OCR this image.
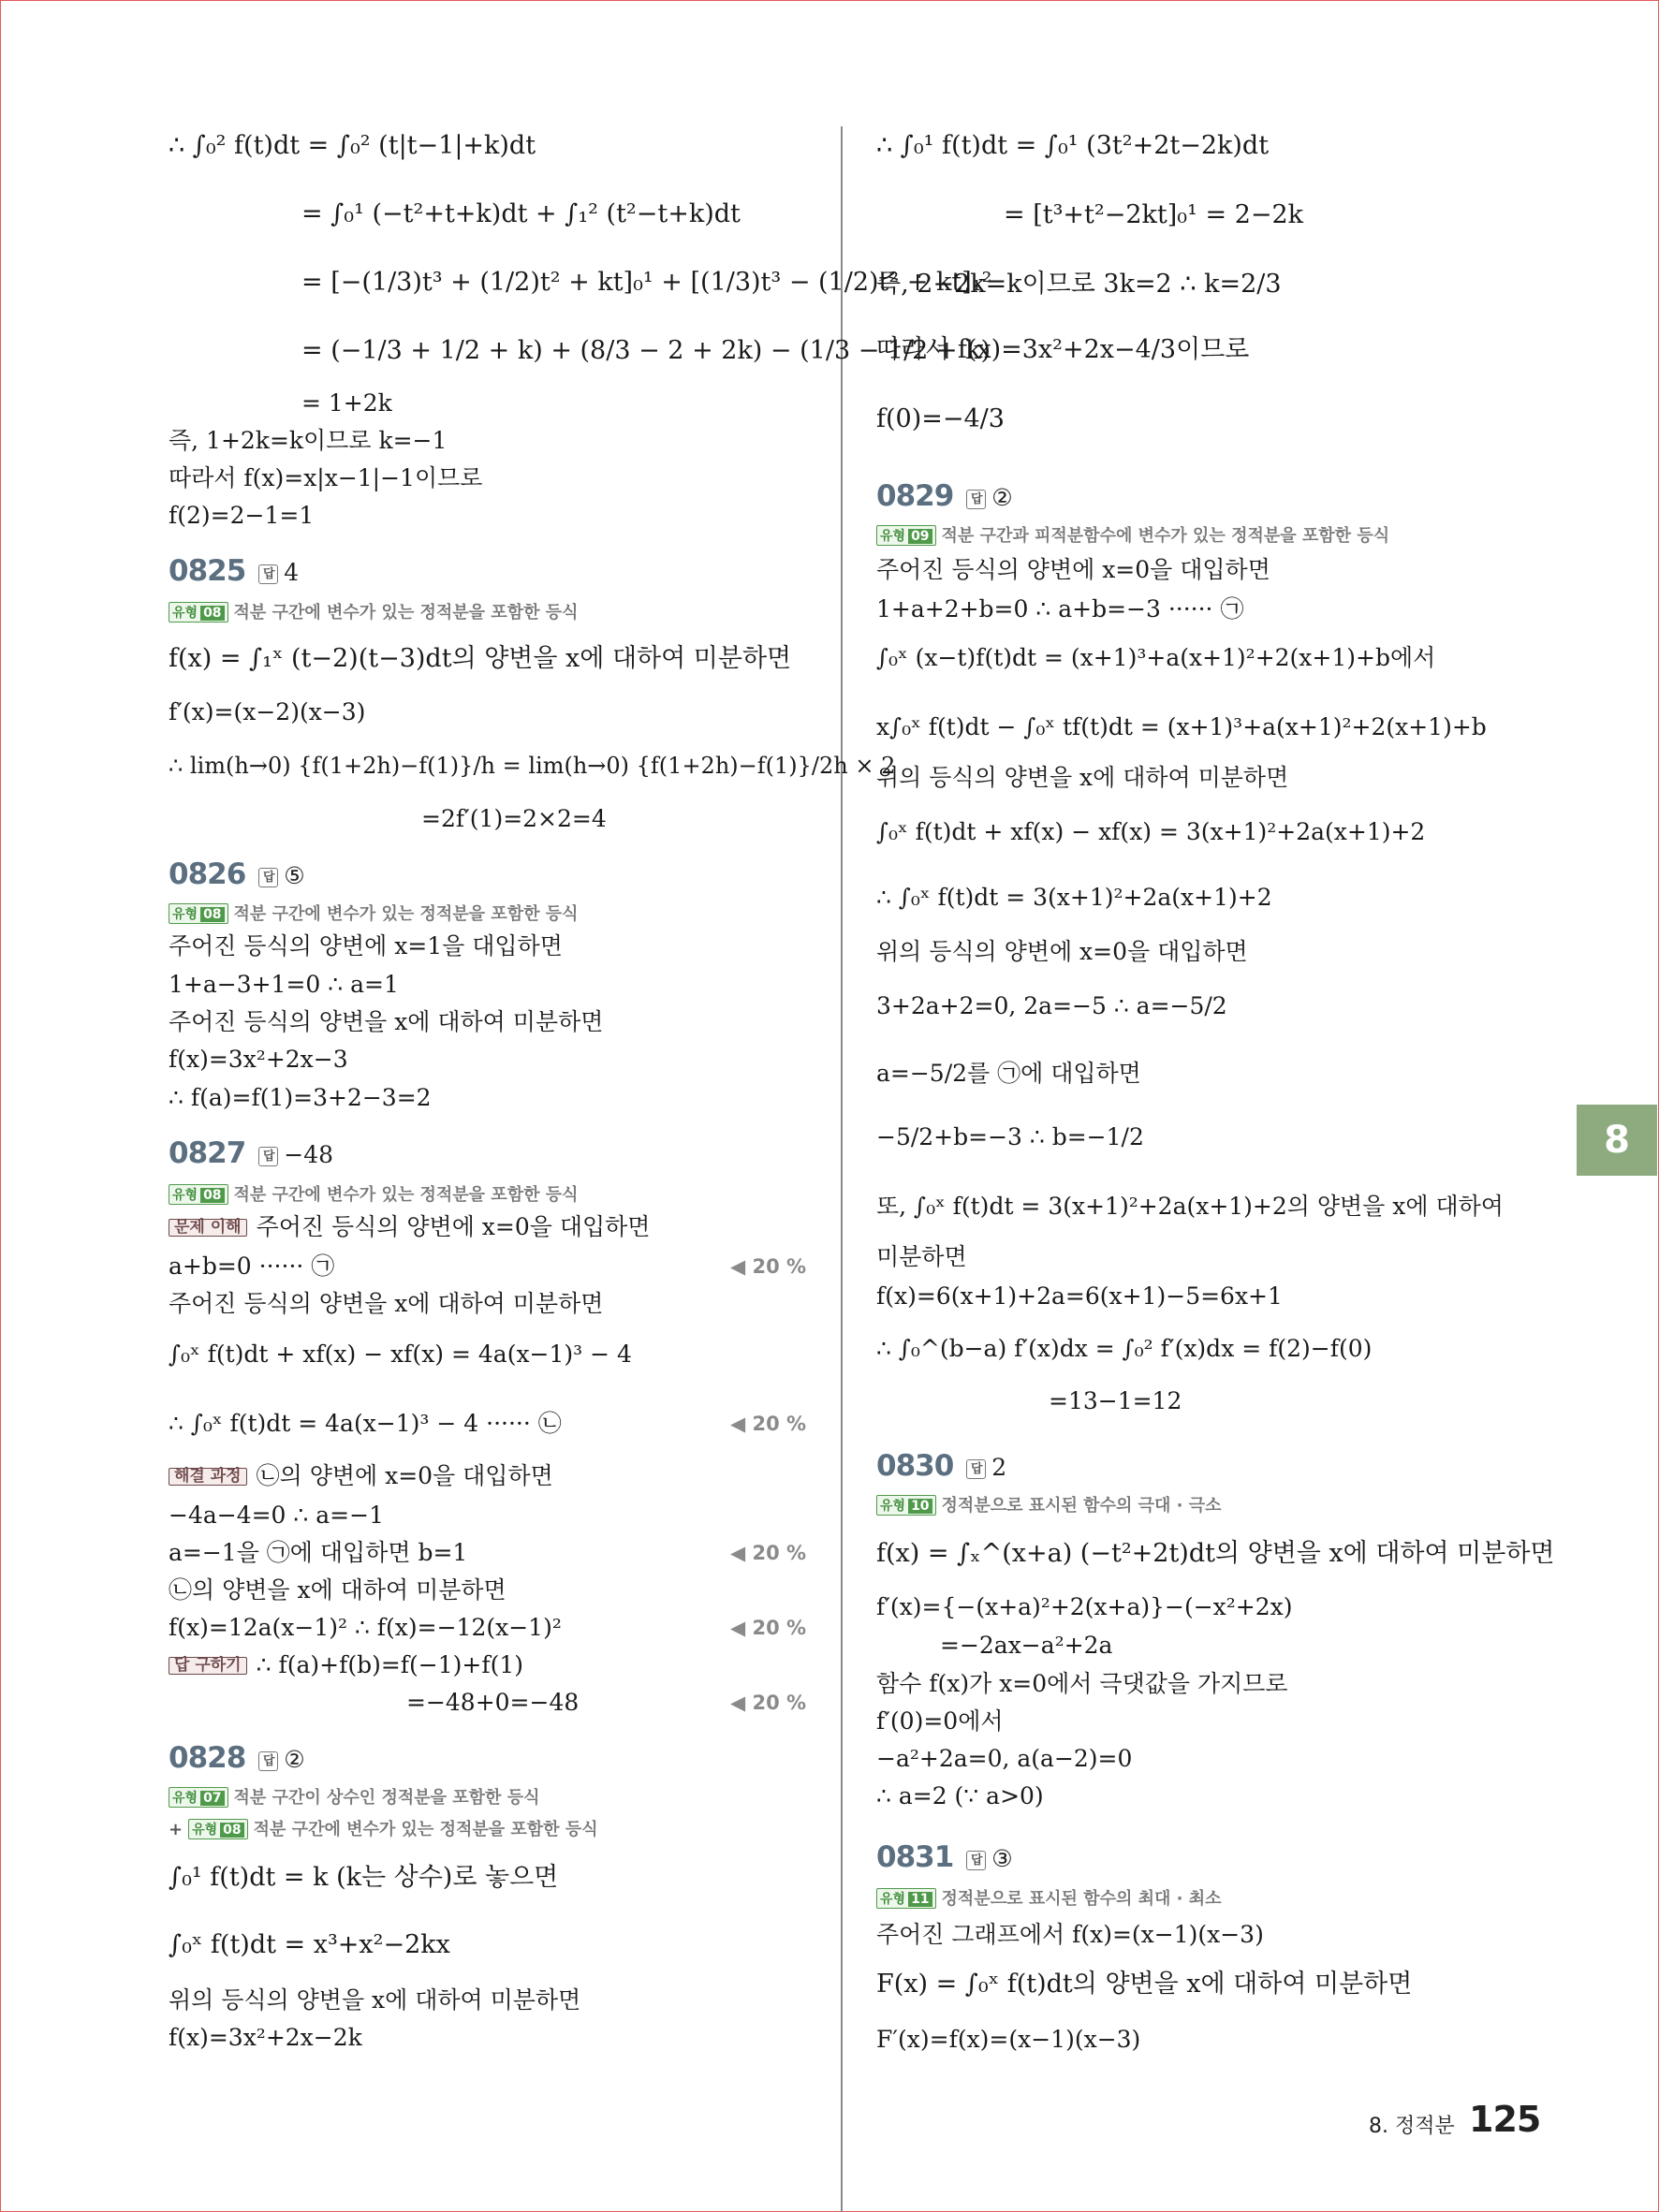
∴ ∫₀² f(t)dt = ∫₀² (t|t−1|+k)dt
= ∫₀¹ (−t²+t+k)dt + ∫₁² (t²−t+k)dt
= [−(1/3)t³ + (1/2)t² + kt]₀¹ + [(1/3)t³ − (1/2)t² + kt]₁²
= (−1/3 + 1/2 + k) + (8/3 − 2 + 2k) − (1/3 − 1/2 + k)
= 1+2k
즉, 1+2k=k이므로 k=−1
따라서 f(x)=x|x−1|−1이므로
f(2)=2−1=1
0825 답 4
유형 08 적분 구간에 변수가 있는 정적분을 포함한 등식
f(x) = ∫₁ˣ (t−2)(t−3)dt의 양변을 x에 대하여 미분하면
f′(x)=(x−2)(x−3)
∴ lim(h→0) {f(1+2h)−f(1)}/h = lim(h→0) {f(1+2h)−f(1)}/2h × 2
=2f′(1)=2×2=4
0826 답 ⑤
유형 08 적분 구간에 변수가 있는 정적분을 포함한 등식
주어진 등식의 양변에 x=1을 대입하면
1+a−3+1=0 ∴ a=1
주어진 등식의 양변을 x에 대하여 미분하면
f(x)=3x²+2x−3
∴ f(a)=f(1)=3+2−3=2
0827 답 −48
유형 08 적분 구간에 변수가 있는 정적분을 포함한 등식
문제 이해 주어진 등식의 양변에 x=0을 대입하면
a+b=0 ······ ㉠	◀ 20 %
주어진 등식의 양변을 x에 대하여 미분하면
∫₀ˣ f(t)dt + xf(x) − xf(x) = 4a(x−1)³ − 4
∴ ∫₀ˣ f(t)dt = 4a(x−1)³ − 4 ······ ㉡	◀ 20 %
해결 과정 ㉡의 양변에 x=0을 대입하면
−4a−4=0 ∴ a=−1
a=−1을 ㉠에 대입하면 b=1	◀ 20 %
㉡의 양변을 x에 대하여 미분하면
f(x)=12a(x−1)² ∴ f(x)=−12(x−1)²	◀ 20 %
답 구하기 ∴ f(a)+f(b)=f(−1)+f(1)
=−48+0=−48	◀ 20 %
0828 답 ②
유형 07 적분 구간이 상수인 정적분을 포함한 등식
+ 유형 08 적분 구간에 변수가 있는 정적분을 포함한 등식
∫₀¹ f(t)dt = k (k는 상수)로 놓으면
∫₀ˣ f(t)dt = x³+x²−2kx
위의 등식의 양변을 x에 대하여 미분하면
f(x)=3x²+2x−2k
∴ ∫₀¹ f(t)dt = ∫₀¹ (3t²+2t−2k)dt
= [t³+t²−2kt]₀¹ = 2−2k
즉, 2−2k=k이므로 3k=2 ∴ k=2/3
따라서 f(x)=3x²+2x−4/3이므로
f(0)=−4/3
0829 답 ②
유형 09 적분 구간과 피적분함수에 변수가 있는 정적분을 포함한 등식
주어진 등식의 양변에 x=0을 대입하면
1+a+2+b=0 ∴ a+b=−3 ······ ㉠
∫₀ˣ (x−t)f(t)dt = (x+1)³+a(x+1)²+2(x+1)+b에서
x∫₀ˣ f(t)dt − ∫₀ˣ tf(t)dt = (x+1)³+a(x+1)²+2(x+1)+b
위의 등식의 양변을 x에 대하여 미분하면
∫₀ˣ f(t)dt + xf(x) − xf(x) = 3(x+1)²+2a(x+1)+2
∴ ∫₀ˣ f(t)dt = 3(x+1)²+2a(x+1)+2
위의 등식의 양변에 x=0을 대입하면
3+2a+2=0, 2a=−5 ∴ a=−5/2
a=−5/2를 ㉠에 대입하면
−5/2+b=−3 ∴ b=−1/2
또, ∫₀ˣ f(t)dt = 3(x+1)²+2a(x+1)+2의 양변을 x에 대하여
미분하면
f(x)=6(x+1)+2a=6(x+1)−5=6x+1
∴ ∫₀^(b−a) f′(x)dx = ∫₀² f′(x)dx = f(2)−f(0)
=13−1=12
0830 답 2
유형 10 정적분으로 표시된 함수의 극대 · 극소
f(x) = ∫ₓ^(x+a) (−t²+2t)dt의 양변을 x에 대하여 미분하면
f′(x)={−(x+a)²+2(x+a)}−(−x²+2x)
=−2ax−a²+2a
함수 f(x)가 x=0에서 극댓값을 가지므로
f′(0)=0에서
−a²+2a=0, a(a−2)=0
∴ a=2 (∵ a>0)
0831 답 ③
유형 11 정적분으로 표시된 함수의 최대 · 최소
주어진 그래프에서 f(x)=(x−1)(x−3)
F(x) = ∫₀ˣ f(t)dt의 양변을 x에 대하여 미분하면
F′(x)=f(x)=(x−1)(x−3)
8
8. 정적분 125
